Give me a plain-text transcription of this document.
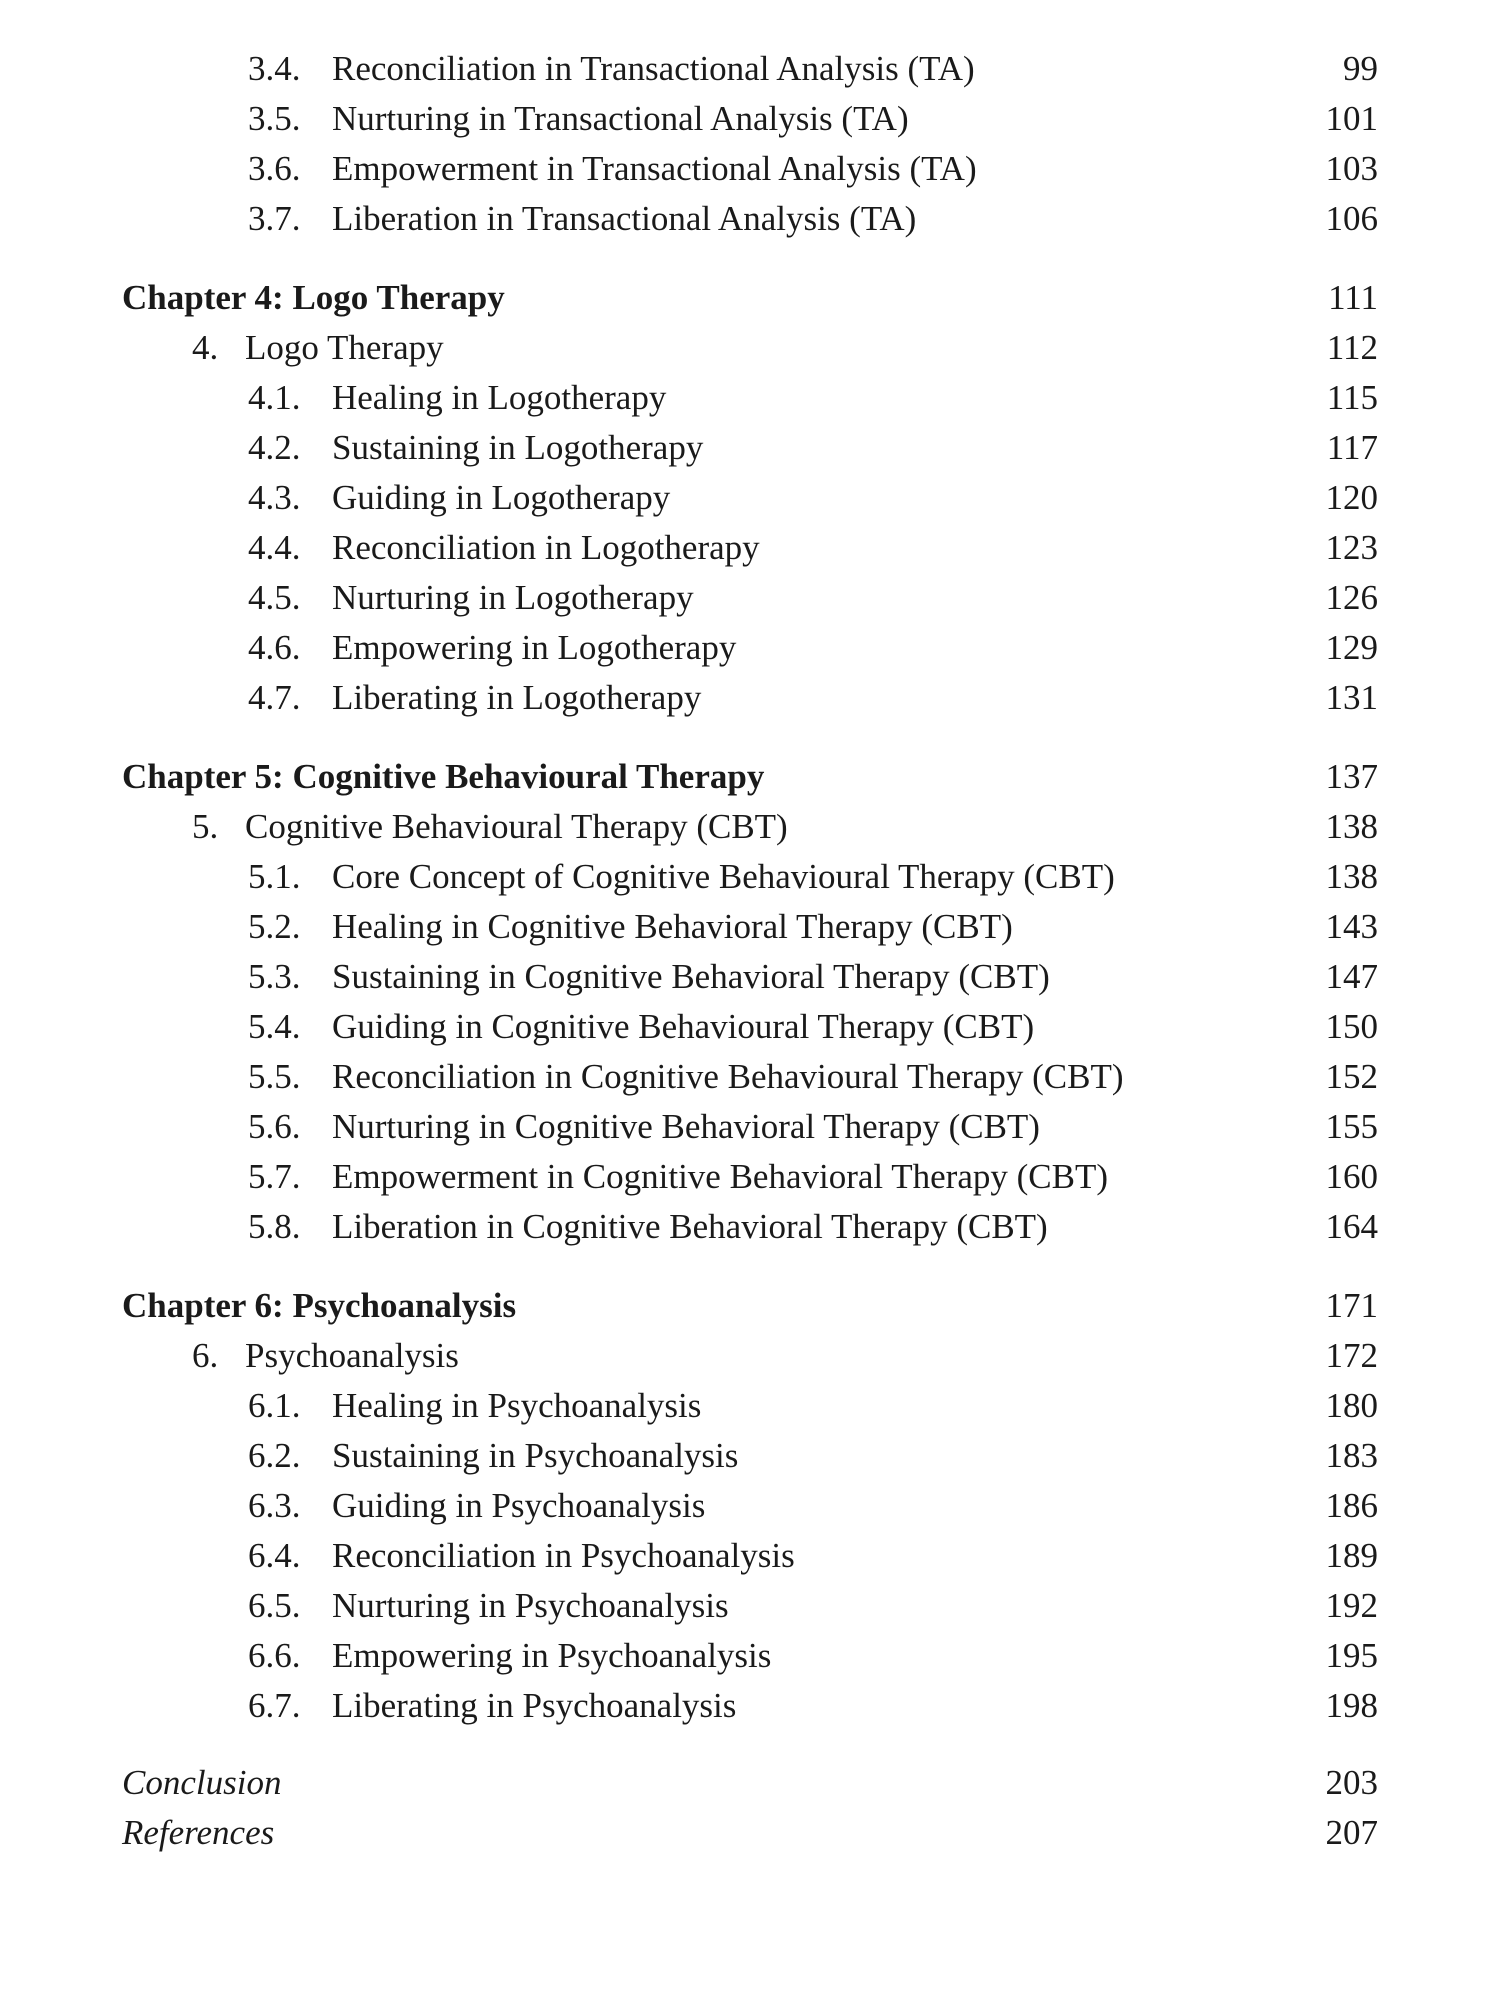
3.4. Reconciliation in Transactional Analysis (TA)	99
3.5. Nurturing in Transactional Analysis (TA)	101
3.6. Empowerment in Transactional Analysis (TA)	103
3.7. Liberation in Transactional Analysis (TA)	106
Chapter 4: Logo Therapy	111
4. Logo Therapy	112
4.1. Healing in Logotherapy	115
4.2. Sustaining in Logotherapy	117
4.3. Guiding in Logotherapy	120
4.4. Reconciliation in Logotherapy	123
4.5. Nurturing in Logotherapy	126
4.6. Empowering in Logotherapy	129
4.7. Liberating in Logotherapy	131
Chapter 5: Cognitive Behavioural Therapy	137
5. Cognitive Behavioural Therapy (CBT)	138
5.1. Core Concept of Cognitive Behavioural Therapy (CBT)	138
5.2. Healing in Cognitive Behavioral Therapy (CBT)	143
5.3. Sustaining in Cognitive Behavioral Therapy (CBT)	147
5.4. Guiding in Cognitive Behavioural Therapy (CBT)	150
5.5. Reconciliation in Cognitive Behavioural Therapy (CBT)	152
5.6. Nurturing in Cognitive Behavioral Therapy (CBT)	155
5.7. Empowerment in Cognitive Behavioral Therapy (CBT)	160
5.8. Liberation in Cognitive Behavioral Therapy (CBT)	164
Chapter 6: Psychoanalysis	171
6. Psychoanalysis	172
6.1. Healing in Psychoanalysis	180
6.2. Sustaining in Psychoanalysis	183
6.3. Guiding in Psychoanalysis	186
6.4. Reconciliation in Psychoanalysis	189
6.5. Nurturing in Psychoanalysis	192
6.6. Empowering in Psychoanalysis	195
6.7. Liberating in Psychoanalysis	198
Conclusion	203
References	207
